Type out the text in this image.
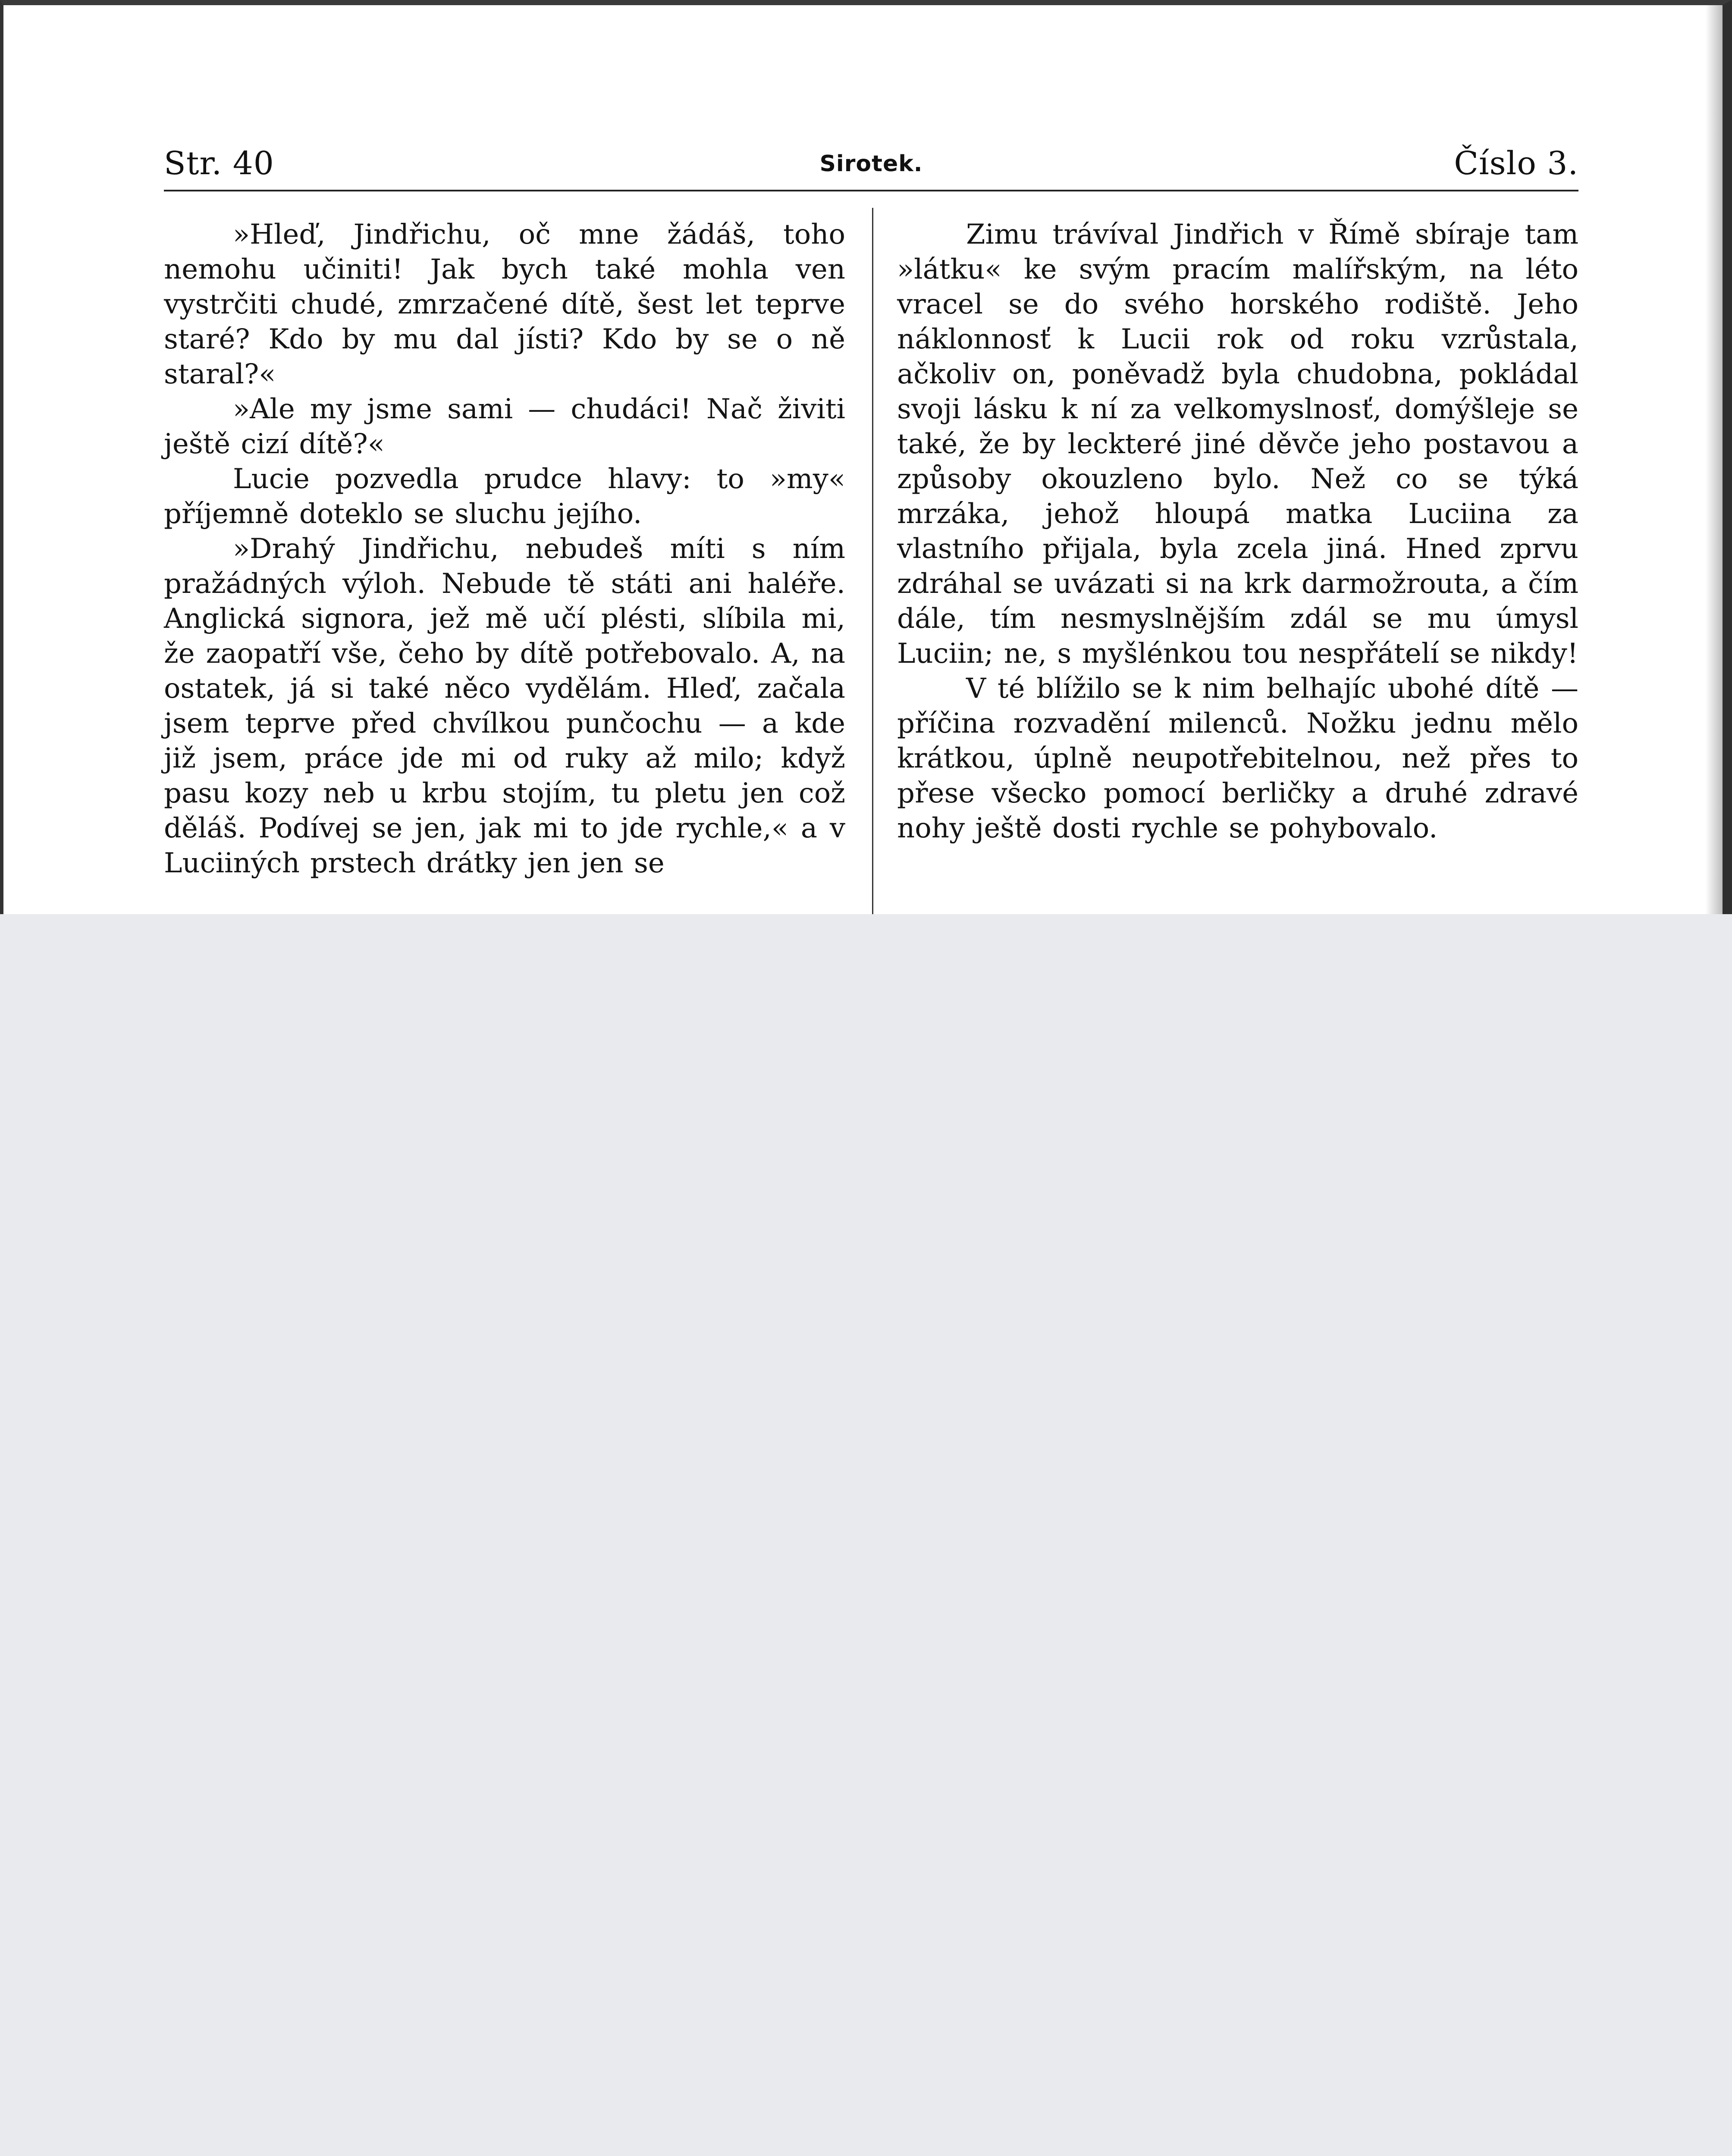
Str. 40	Sirotek.	Číslo 3.

»Hleď, Jindřichu, oč mne žádáš, toho nemohu učiniti! Jak bych také mohla ven vystrčiti chudé, zmrzačené dítě, šest let teprve staré? Kdo by mu dal jísti? Kdo by se o ně staral?«

»Ale my jsme sami — chudáci! Nač živiti ještě cizí dítě?«

Lucie pozvedla prudce hlavy: to »my« příjemně doteklo se sluchu jejího.

»Drahý Jindřichu, nebudeš míti s ním pražádných výloh. Nebude tě státi ani haléře. Anglická signora, jež mě učí plésti, slíbila mi, že zaopatří vše, čeho by dítě potřebovalo. A, na ostatek, já si také něco vydělám. Hleď, začala jsem teprve před chvílkou punčochu — a kde již jsem, práce jde mi od ruky až milo; když pasu kozy neb u krbu stojím, tu pletu jen což děláš. Podívej se jen, jak mi to jde rychle,« a v Luciiných prstech drátky jen jen se

Zimu trávíval Jindřich v Římě sbíraje tam »látku« ke svým pracím malířským, na léto vracel se do svého horského rodiště. Jeho náklonnosť k Lucii rok od roku vzrůstala, ačkoliv on, poněvadž byla chudobna, pokládal svoji lásku k ní za velkomyslnosť, domýšleje se také, že by leckteré jiné děvče jeho postavou a způsoby okouzleno bylo. Než co se týká mrzáka, jehož hloupá matka Luciina za vlastního přijala, byla zcela jiná. Hned zprvu zdráhal se uvázati si na krk darmožrouta, a čím dále, tím nesmyslnějším zdál se mu úmysl Luciin; ne, s myšlénkou tou nespřátelí se nikdy!

V té blížilo se k nim belhajíc ubohé dítě — příčina rozvadění milenců. Nožku jednu mělo krátkou, úplně neupotřebitelnou, než přes to přese všecko pomocí berličky a druhé zdravé nohy ještě dosti rychle se pohybovalo.
